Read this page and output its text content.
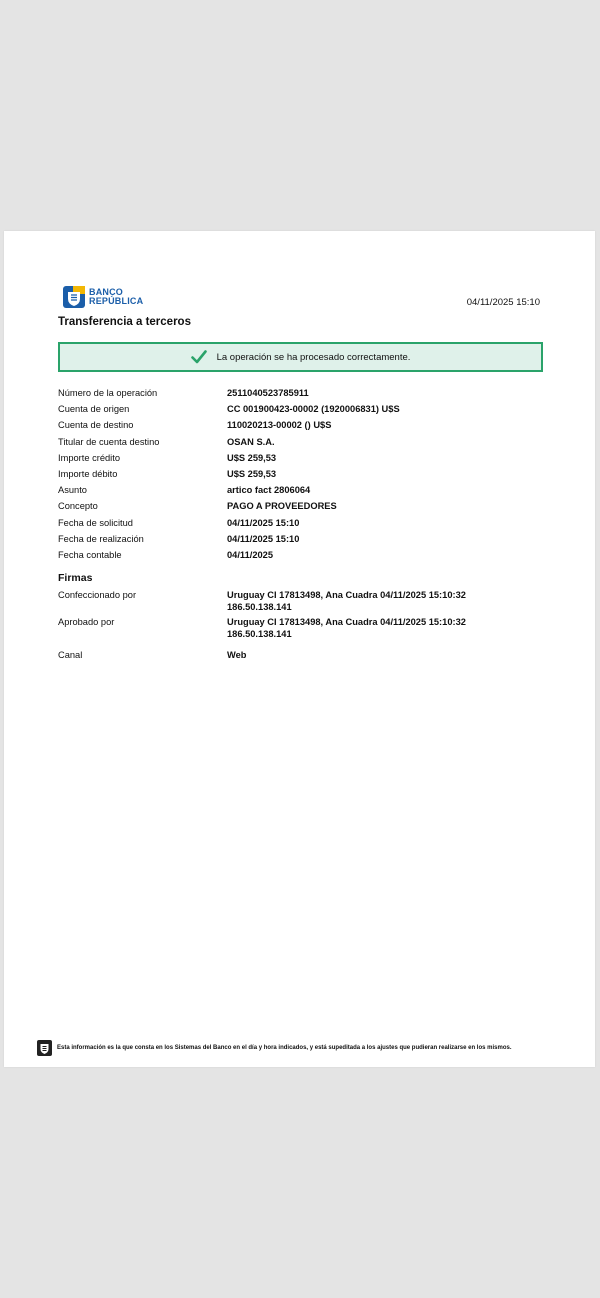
BANCO
REPÚBLICA	04/11/2025 15:10
Transferencia a terceros
La operación se ha procesado correctamente.
Número de la operación	2511040523785911
Cuenta de origen	CC 001900423-00002 (1920006831) U$S
Cuenta de destino	110020213-00002 () U$S
Titular de cuenta destino	OSAN S.A.
Importe crédito	U$S 259,53
Importe débito	U$S 259,53
Asunto	artico fact 2806064
Concepto	PAGO A PROVEEDORES
Fecha de solicitud	04/11/2025 15:10
Fecha de realización	04/11/2025 15:10
Fecha contable	04/11/2025
Firmas
Confeccionado por	Uruguay CI 17813498, Ana Cuadra 04/11/2025 15:10:32
186.50.138.141
Aprobado por	Uruguay CI 17813498, Ana Cuadra 04/11/2025 15:10:32
186.50.138.141
Canal	Web
Esta información es la que consta en los Sistemas del Banco en el día y hora indicados, y está supeditada a los ajustes que pudieran realizarse en los mismos.
